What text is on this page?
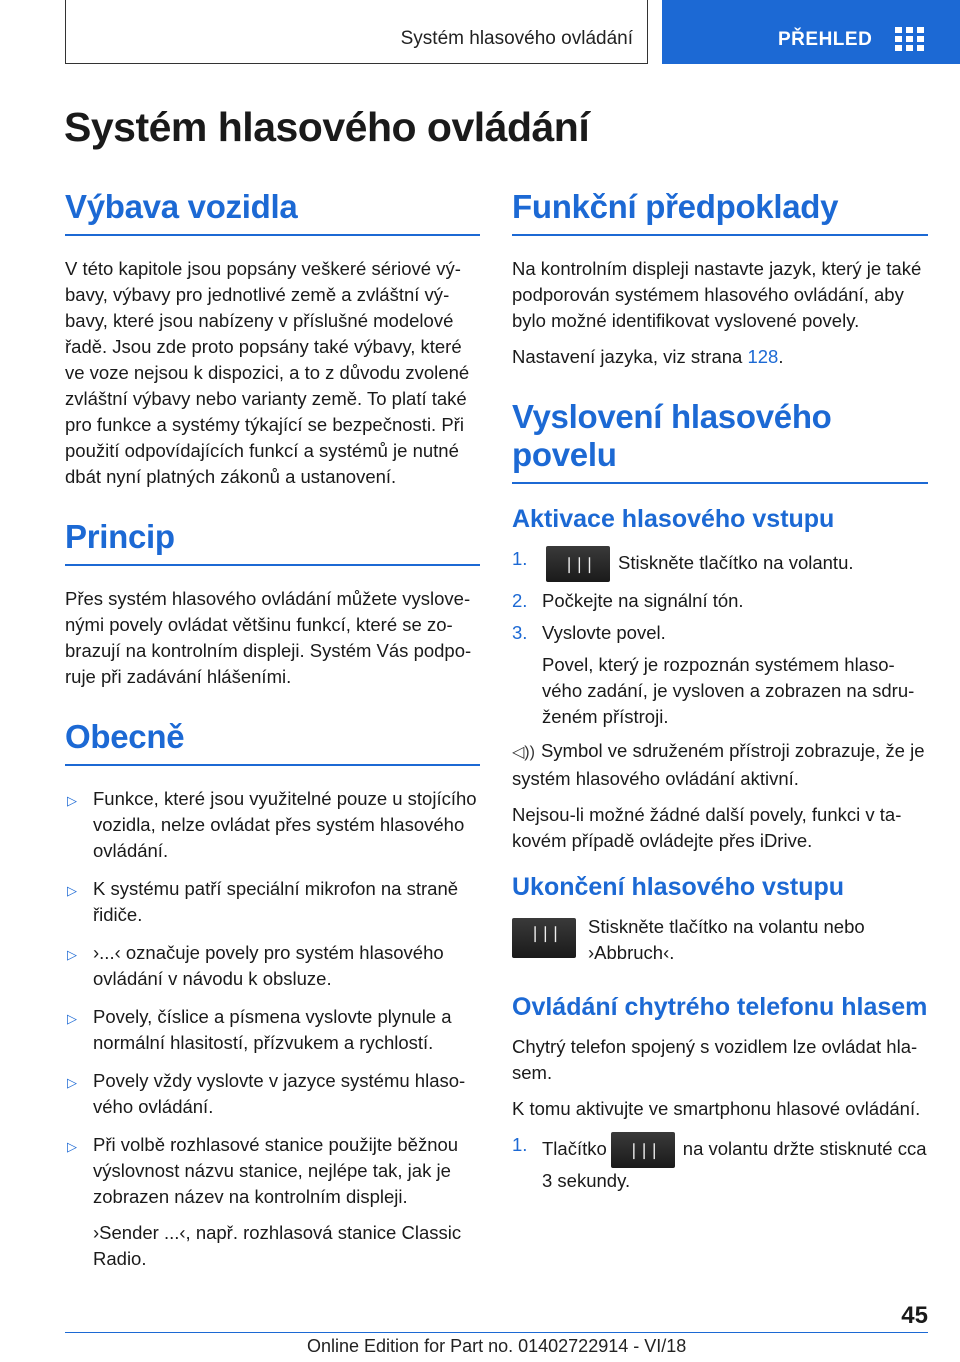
Systém hlasového ovládání	PŘEHLED
Systém hlasového ovládání
Výbava vozidla

V této kapitole jsou popsány veškeré sériové výbavy, výbavy pro jednotlivé země a zvláštní výbavy, které jsou nabízeny v příslušné modelové řadě. Jsou zde proto popsány také výbavy, které ve voze nejsou k dispozici, a to z důvodu zvolené zvláštní výbavy nebo varianty země. To platí také pro funkce a systémy týkající se bezpečnosti. Při použití odpovídajících funkcí a systémů je nutné dbát nyní platných zákonů a ustanovení.

Princip

Přes systém hlasového ovládání můžete vyslovenými povely ovládat většinu funkcí, které se zobrazují na kontrolním displeji. Systém Vás podporuje při zadávání hlášeními.

Obecně
▷ Funkce, které jsou využitelné pouze u stojícího vozidla, nelze ovládat přes systém hlasového ovládání.
▷ K systému patří speciální mikrofon na straně řidiče.
▷ ›...‹ označuje povely pro systém hlasového ovládání v návodu k obsluze.
▷ Povely, číslice a písmena vyslovte plynule a normální hlasitostí, přízvukem a rychlostí.
▷ Povely vždy vyslovte v jazyce systému hlasového ovládání.
▷ Při volbě rozhlasové stanice použijte běžnou výslovnost názvu stanice, nejlépe tak, jak je zobrazen název na kontrolním displeji.
›Sender ...‹, např. rozhlasová stanice Classic Radio.
Funkční předpoklady

Na kontrolním displeji nastavte jazyk, který je také podporován systémem hlasového ovládání, aby bylo možné identifikovat vyslovené povely.

Nastavení jazyka, viz strana 128.

Vyslovení hlasového povelu
Aktivace hlasového vstupu
1. ᛁᛁᛁ Stiskněte tlačítko na volantu.
2. Počkejte na signální tón.
3. Vyslovte povel.
Povel, který je rozpoznán systémem hlasového zadání, je vysloven a zobrazen na sdruženém přístroji.

◁)) Symbol ve sdruženém přístroji zobrazuje, že je systém hlasového ovládání aktivní.

Nejsou-li možné žádné další povely, funkci v takovém případě ovládejte přes iDrive.

Ukončení hlasového vstupu
ᛁᛁᛁ	Stiskněte tlačítko na volantu nebo ›Abbruch‹.

Ovládání chytrého telefonu hlasem

Chytrý telefon spojený s vozidlem lze ovládat hlasem.

K tomu aktivujte ve smartphonu hlasové ovládání.

1. Tlačítko ᛁᛁᛁ na volantu držte stisknuté cca 3 sekundy.
45
Online Edition for Part no. 01402722914 - VI/18
